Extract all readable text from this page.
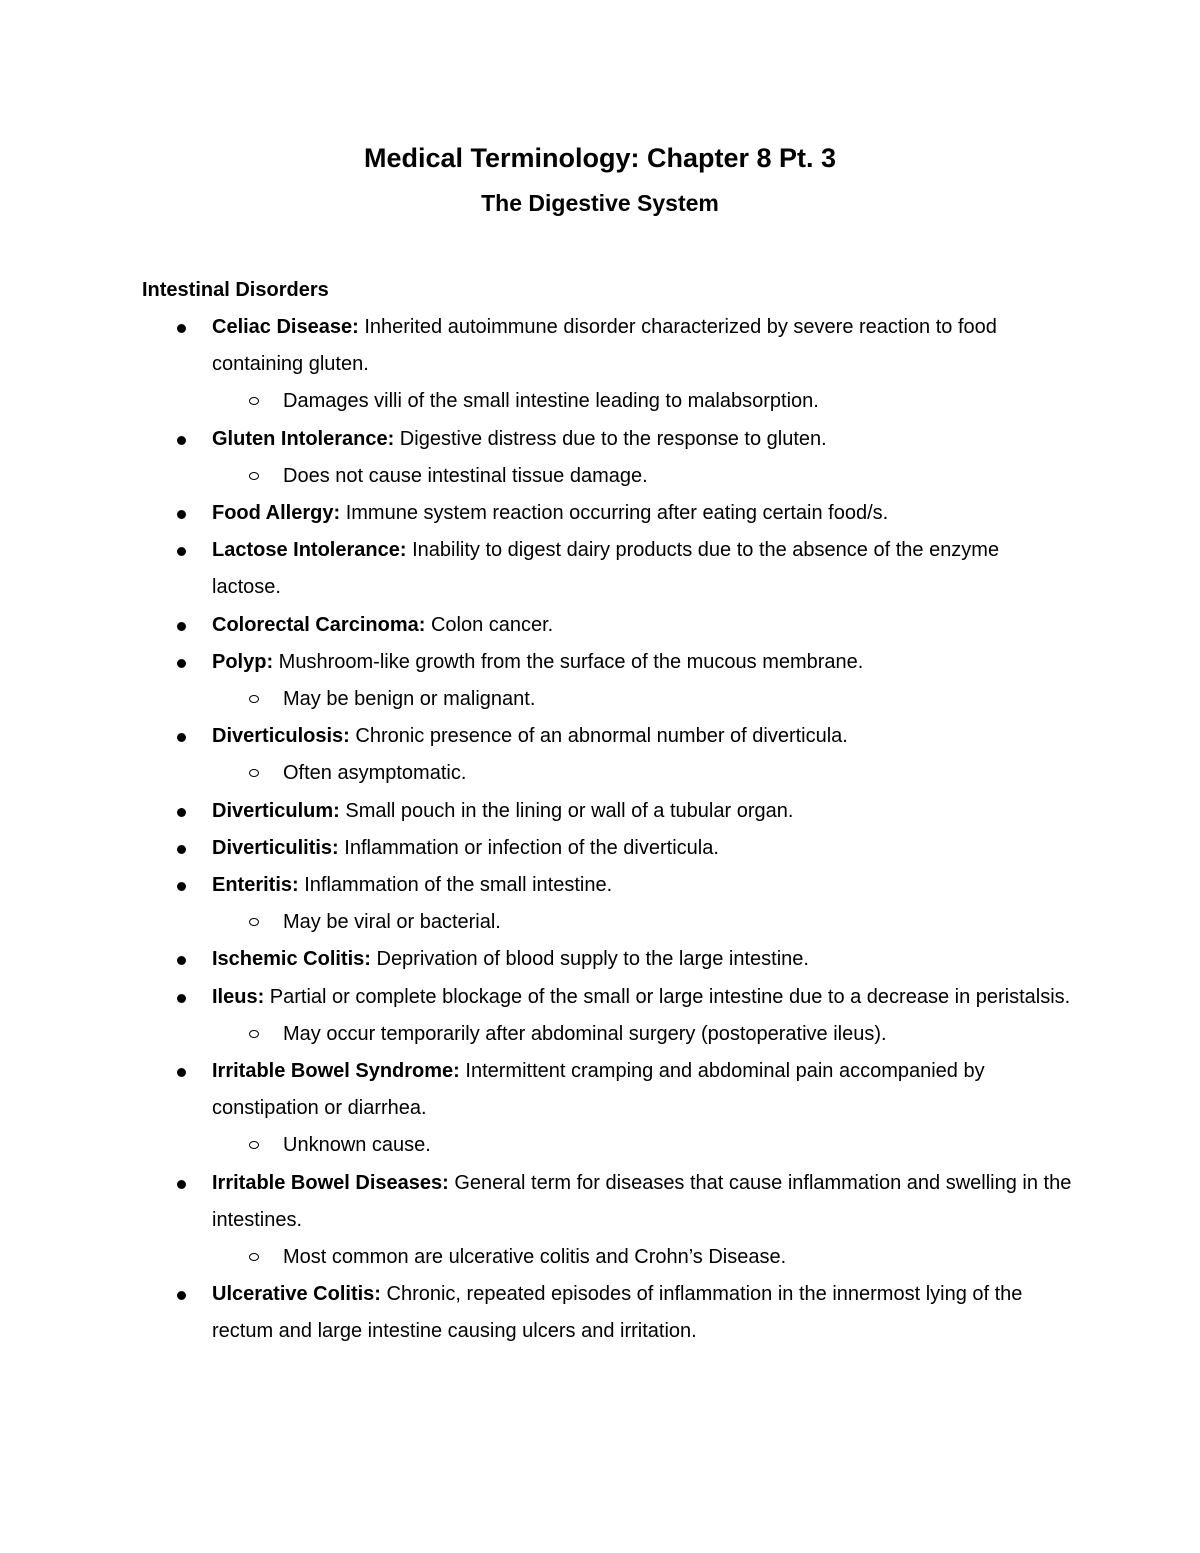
Medical Terminology: Chapter 8 Pt. 3
The Digestive System
Intestinal Disorders
Celiac Disease: Inherited autoimmune disorder characterized by severe reaction to food containing gluten.
Damages villi of the small intestine leading to malabsorption.
Gluten Intolerance: Digestive distress due to the response to gluten.
Does not cause intestinal tissue damage.
Food Allergy: Immune system reaction occurring after eating certain food/s.
Lactose Intolerance: Inability to digest dairy products due to the absence of the enzyme lactose.
Colorectal Carcinoma: Colon cancer.
Polyp: Mushroom-like growth from the surface of the mucous membrane.
May be benign or malignant.
Diverticulosis: Chronic presence of an abnormal number of diverticula.
Often asymptomatic.
Diverticulum: Small pouch in the lining or wall of a tubular organ.
Diverticulitis: Inflammation or infection of the diverticula.
Enteritis: Inflammation of the small intestine.
May be viral or bacterial.
Ischemic Colitis: Deprivation of blood supply to the large intestine.
Ileus: Partial or complete blockage of the small or large intestine due to a decrease in peristalsis.
May occur temporarily after abdominal surgery (postoperative ileus).
Irritable Bowel Syndrome: Intermittent cramping and abdominal pain accompanied by constipation or diarrhea.
Unknown cause.
Irritable Bowel Diseases: General term for diseases that cause inflammation and swelling in the intestines.
Most common are ulcerative colitis and Crohn’s Disease.
Ulcerative Colitis: Chronic, repeated episodes of inflammation in the innermost lying of the rectum and large intestine causing ulcers and irritation.
